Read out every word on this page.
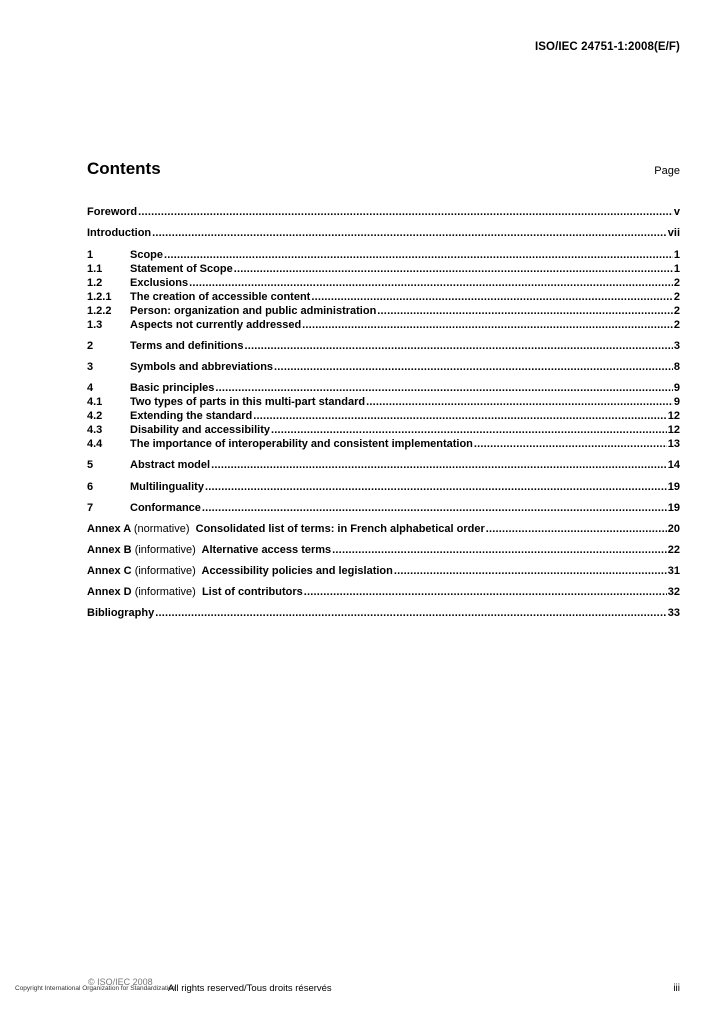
ISO/IEC 24751-1:2008(E/F)
Contents	Page
Foreword .....	v
Introduction .....	vii
1	Scope .....	1
1.1	Statement of Scope .....	1
1.2	Exclusions .....	2
1.2.1	The creation of accessible content .....	2
1.2.2	Person: organization and public administration .....	2
1.3	Aspects not currently addressed .....	2
2	Terms and definitions .....	3
3	Symbols and abbreviations .....	8
4	Basic principles .....	9
4.1	Two types of parts in this multi-part standard .....	9
4.2	Extending the standard .....	12
4.3	Disability and accessibility .....	12
4.4	The importance of interoperability and consistent implementation .....	13
5	Abstract model .....	14
6	Multilinguality .....	19
7	Conformance .....	19
Annex A (normative) Consolidated list of terms: in French alphabetical order .....	20
Annex B (informative) Alternative access terms .....	22
Annex C (informative) Accessibility policies and legislation .....	31
Annex D (informative) List of contributors .....	32
Bibliography .....	33
Copyright International Organization for Standardization
© ISO/IEC 2008
All rights reserved/Tous droits réservés	iii
